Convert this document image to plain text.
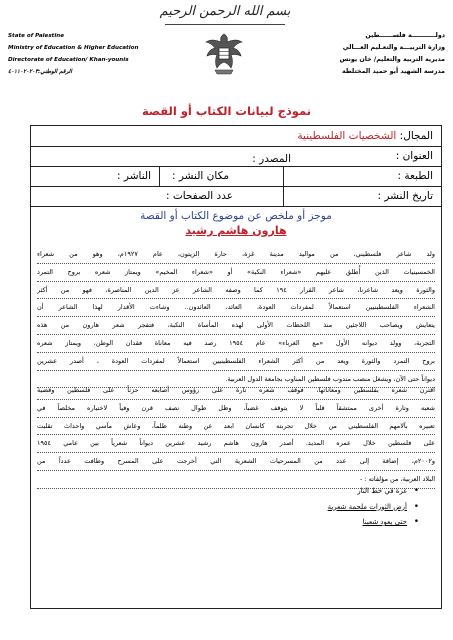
بسم الله الرحمن الرحيم
State of Palestine
Ministry of Education & Higher Education
Directorate of Education/ Khan-younis
الرقم الوطني:٤٠١١٠٢٠٢٠٣
دولـــــــــــة فلســــــطين
وزارة التربيـــة والتعـليم العـــالي
مديرية التربية والتعليم/ خان يونس
مدرسة الشهيد أبو حميد المختلطة
نموذج لبيانات الكتاب أو القصة
المجال: الشخصيات الفلسطينية
العنوان :
المصدر :
الطبعة :
مكان النشر :
الناشر :
تاريخ النشر :
عدد الصفحات :
موجز أو ملخص عن موضوع الكتاب أو القصة
هارون هاشم رشيد
ولد شاعر فلسطيني، من مواليد مدينة غزة، حارة الزيتون، عام ١٩٢٧م، وهو من شعراء
الخمسينيات الذين أُطلق عليهم «شعراء النكبة» أو «شعراء المخيم» ويمتاز شعره بروح التمرد
والثورة ويعد شاعرنا، شاعر القرار ١٩٤ كما وصفه الشاعر عز الدين المناصرة، فهو من أكثر
الشعراء الفلسطينيين استعمالاً لمفردات العودة، العائد، العائدون.. وشاءت الأقدار لهذا الشاعر أن
يتعايش ويصاحب اللاجئين منذ اللحظات الأولى لهذه المأساة النكبة، فتفجر شعر هارون من هذه
التجربة، وولد ديوانه الأول «مع الغرباء» عام ١٩٥٤ رصد فيه معاناة فقدان الوطن، ويمتاز شعره
بروح التمرد والثورة ويعد من أكثر الشعراء الفلسطينيين استعمالاً لمفردات العودة ، أصدر عشرين
ديواناً حتى الآن، ويشغل منصب مندوب فلسطين المناوب بجامعة الدول العربية.
اقترن شعره بفلسطين ومعاناتها، فوقف شعره تارة على رؤوس أصابعه حزناً على فلسطين وقضية
شعبه وتارة أخرى ممتشقاً قلباً لا يتوقف غضباً، وظل طوال نصف قرن وفياً لاختياره مخلصاً في
تعبيره بآلامهم الفلسطيني من خلال تجربته كانسان ابعد عن وطنه ظلماً، وعاش مآسي واحداث تقلبت
على فلسطين خلال عمره المديد. أصدر هارون هاشم رشيد عشرين ديواناً شعرياً بين عامي ١٩٥٤
و٢٠٠٢م، إضافة إلى عدد من المسرحيات الشعرية التي أخرجت على المسرح وطافت عدداً من
البلاد العربية، من مؤلفاته : -
• غزة في خط النار
• أرض الثورات ملحمة شعرية
• حتى يعود شعبنا
